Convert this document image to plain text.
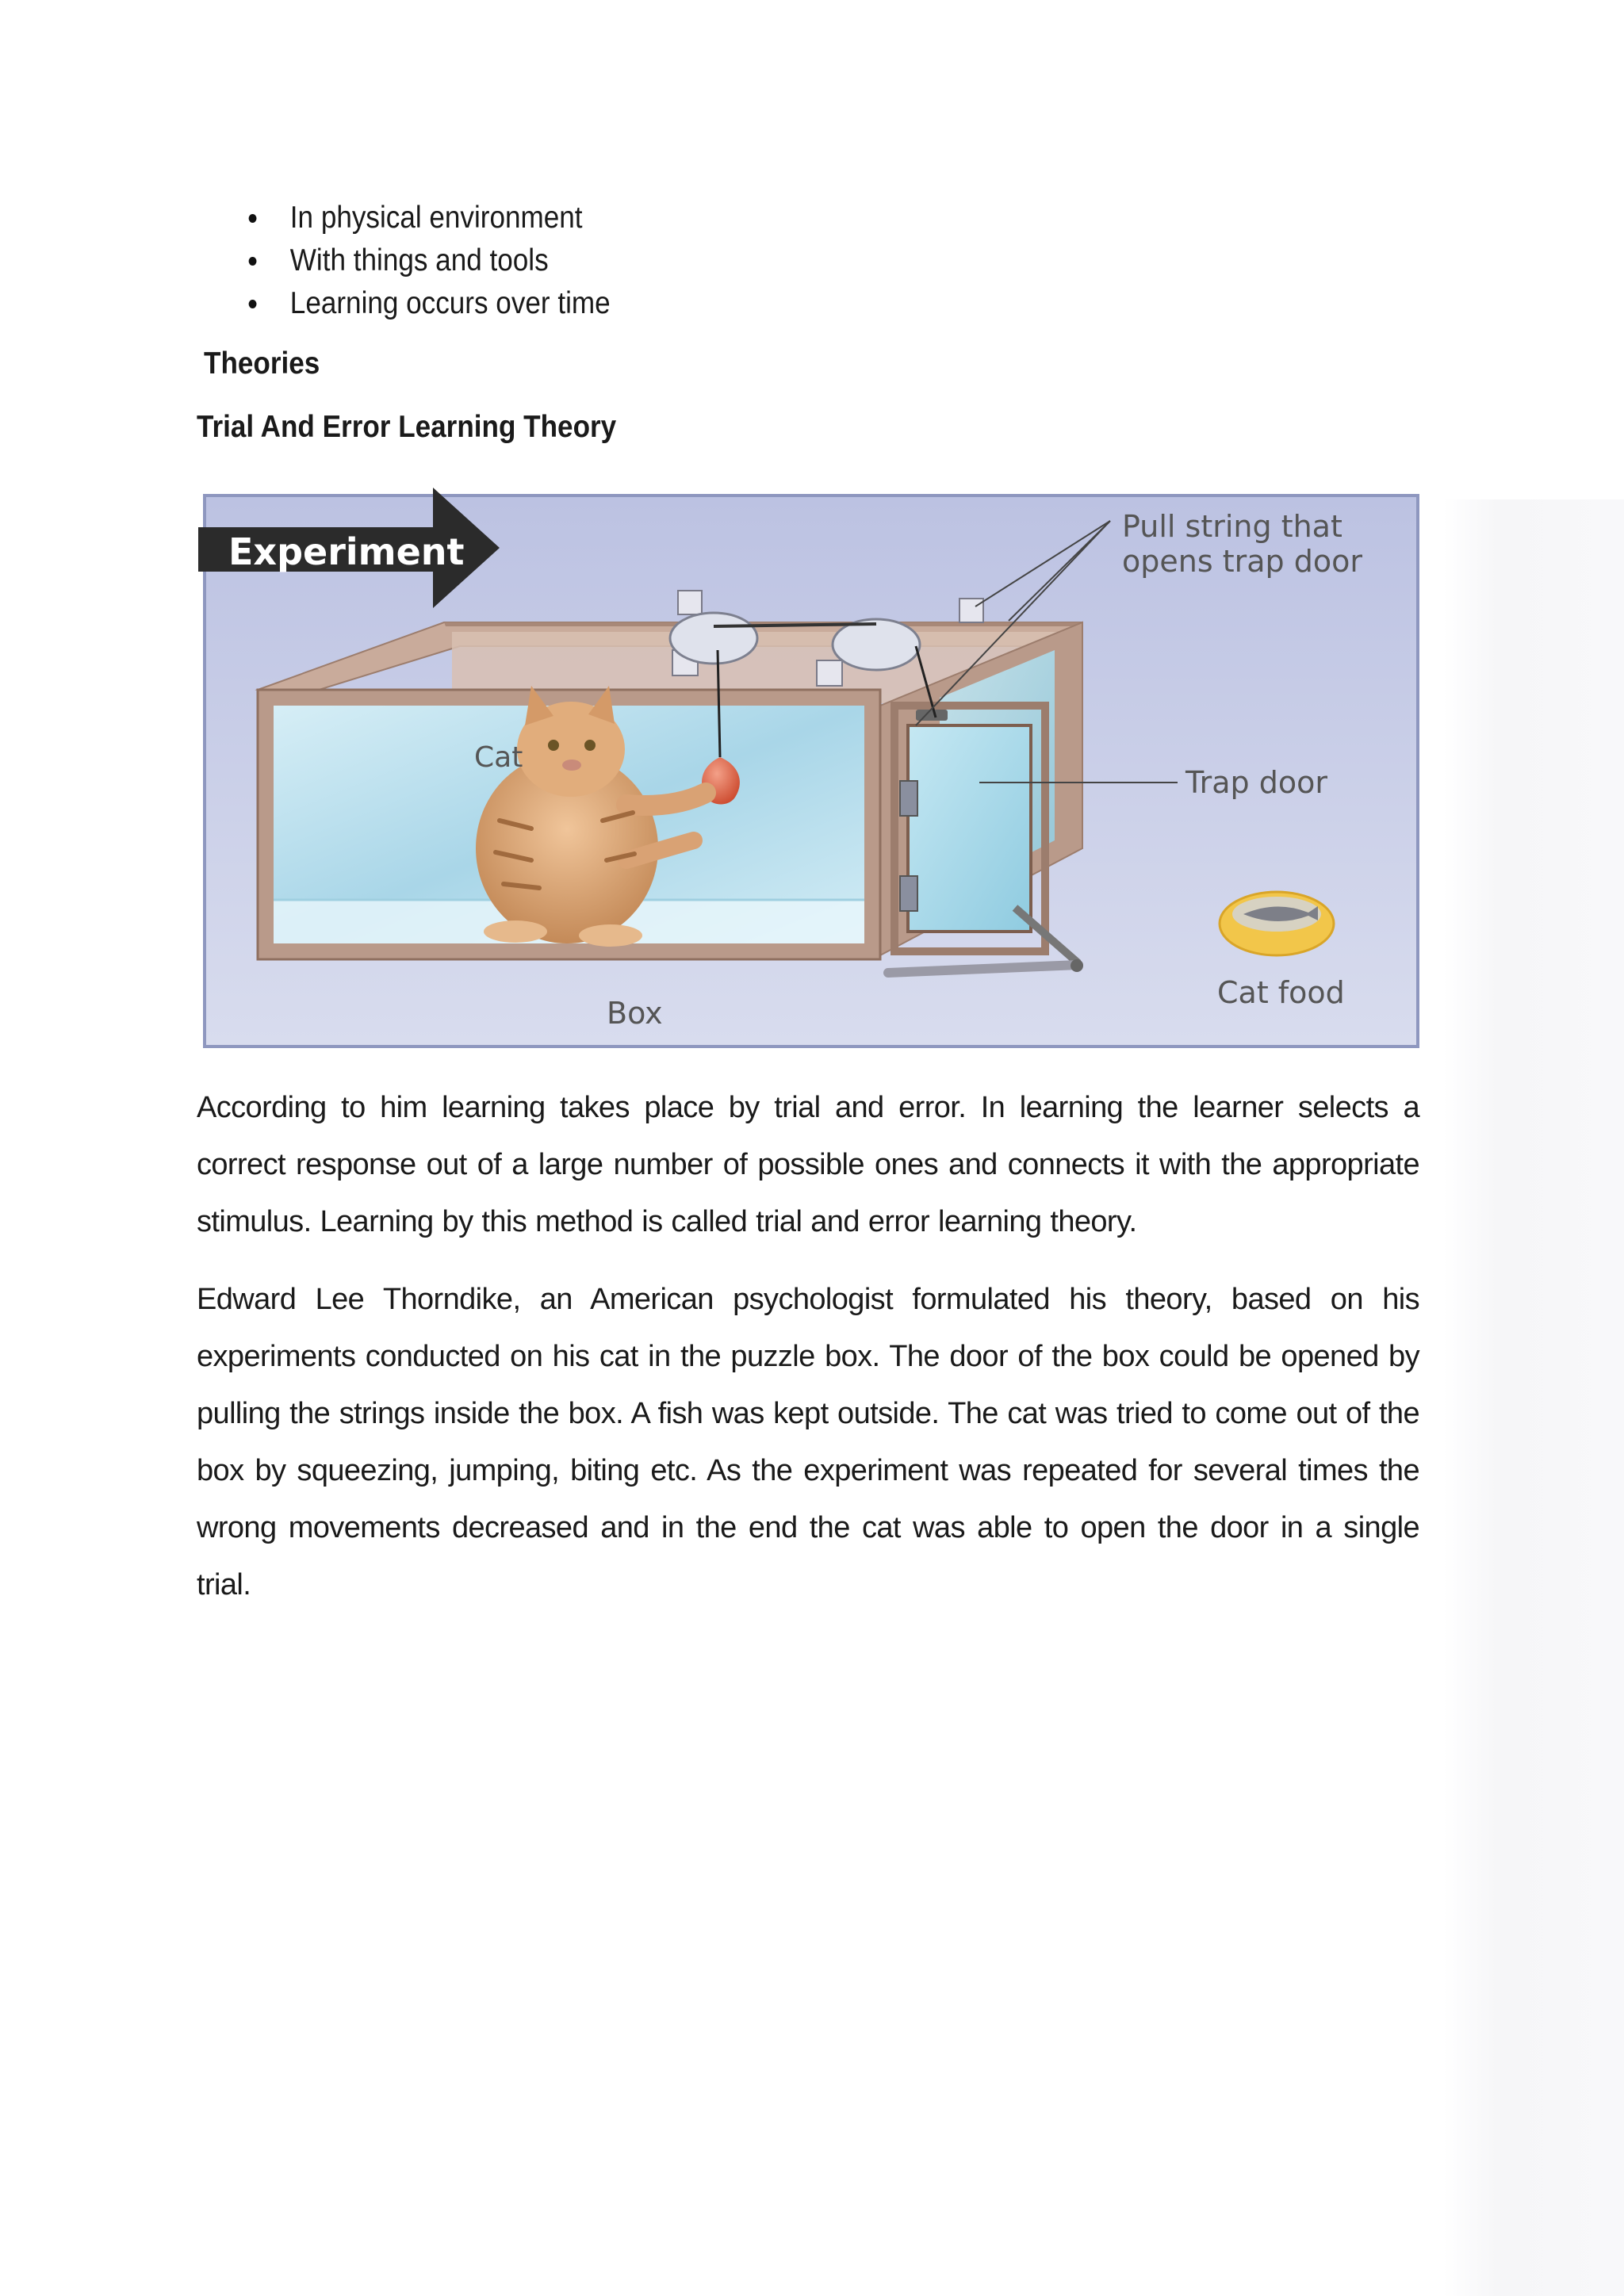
In physical environment
With things and tools
Learning occurs over time
Theories
Trial And Error Learning Theory
Experiment
Pull string that
opens trap door
Cat
Trap door
Box
Cat food

According to him learning takes place by trial and error. In learning the learner selects a correct response out of a large number of possible ones and connects it with the appropriate stimulus. Learning by this method is called trial and error learning theory.

Edward Lee Thorndike, an American psychologist formulated his theory, based on his experiments conducted on his cat in the puzzle box. The door of the box could be opened by pulling the strings inside the box. A fish was kept outside. The cat was tried to come out of the box by squeezing, jumping, biting etc. As the experiment was repeated for several times the wrong movements decreased and in the end the cat was able to open the door in a single trial.
